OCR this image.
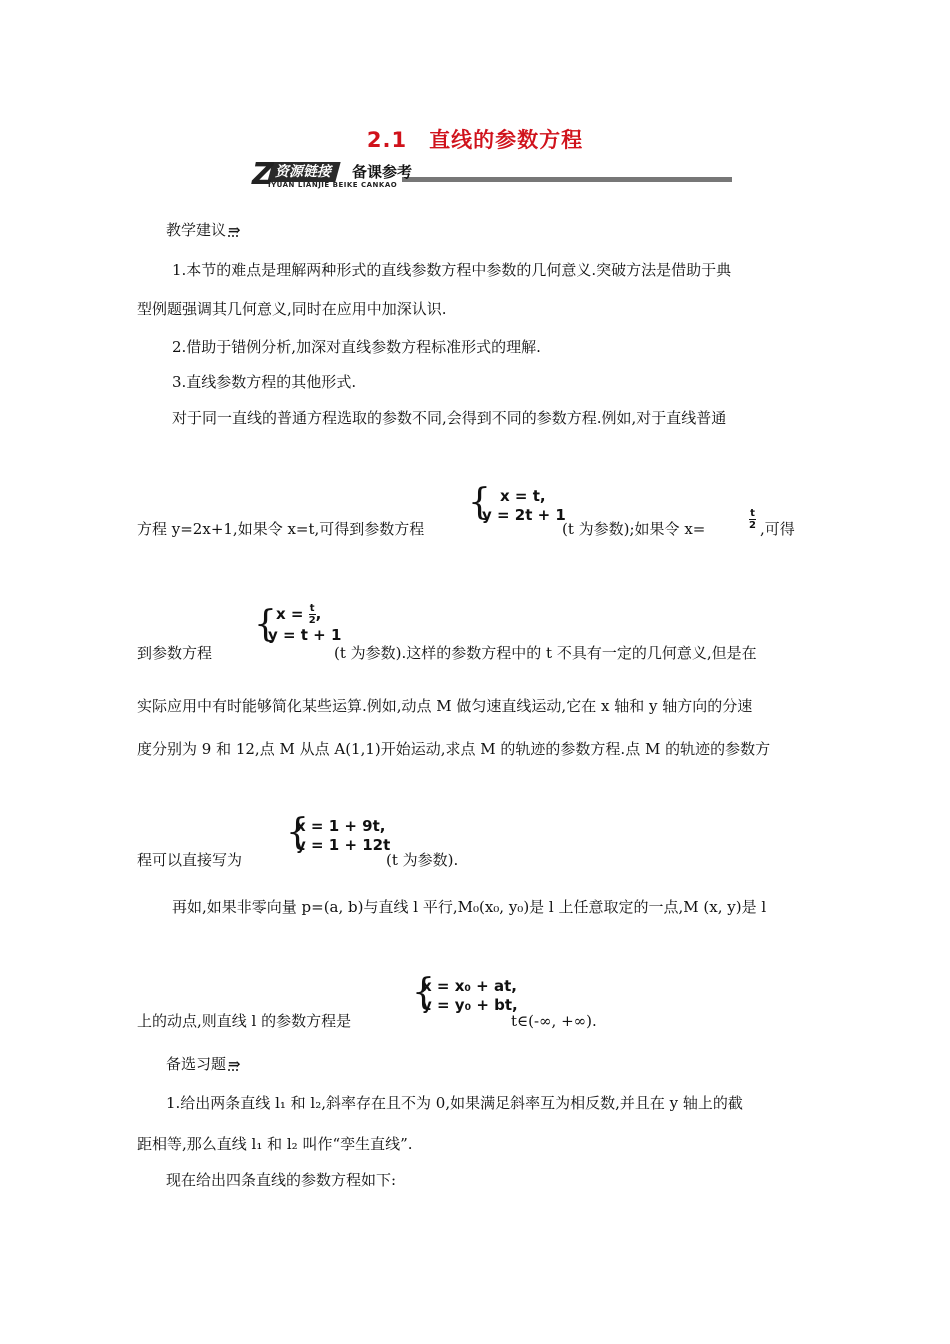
2.1　直线的参数方程
资源链接	备课参考
Z
IYUAN LIANJIE BEIKE CANKAO
教学建议 ⇒
1.本节的难点是理解两种形式的直线参数方程中参数的几何意义.突破方法是借助于典
型例题强调其几何意义,同时在应用中加深认识.
2.借助于错例分析,加深对直线参数方程标准形式的理解.
3.直线参数方程的其他形式.
对于同一直线的普通方程选取的参数不同,会得到不同的参数方程.例如,对于直线普通
方程 y=2x+1,如果令 x=t,可得到参数方程
{ x = t,
y = 2t + 1
(t 为参数);如果令 x=	$\frac{t}{2}$ ,可得
到参数方程
{ $x = \frac{t}{2}$ ,
y = t + 1
(t 为参数).这样的参数方程中的 t 不具有一定的几何意义,但是在
实际应用中有时能够简化某些运算.例如,动点 M 做匀速直线运动,它在 x 轴和 y 轴方向的分速
度分别为 9 和 12,点 M 从点 A(1,1)开始运动,求点 M 的轨迹的参数方程.点 M 的轨迹的参数方
程可以直接写为
{
x = 1 + 9t,
y = 1 + 12t
(t 为参数).
再如,如果非零向量 p=(a, b)与直线 l 平行,M₀(x₀, y₀)是 l 上任意取定的一点,M (x, y)是 l
上的动点,则直线 l 的参数方程是
{
x = x₀ + at,
y = y₀ + bt,
t∈(-∞, +∞).
备选习题 ⇒
1.给出两条直线 l₁ 和 l₂,斜率存在且不为 0,如果满足斜率互为相反数,并且在 y 轴上的截
距相等,那么直线 l₁ 和 l₂ 叫作“孪生直线”.
现在给出四条直线的参数方程如下:
